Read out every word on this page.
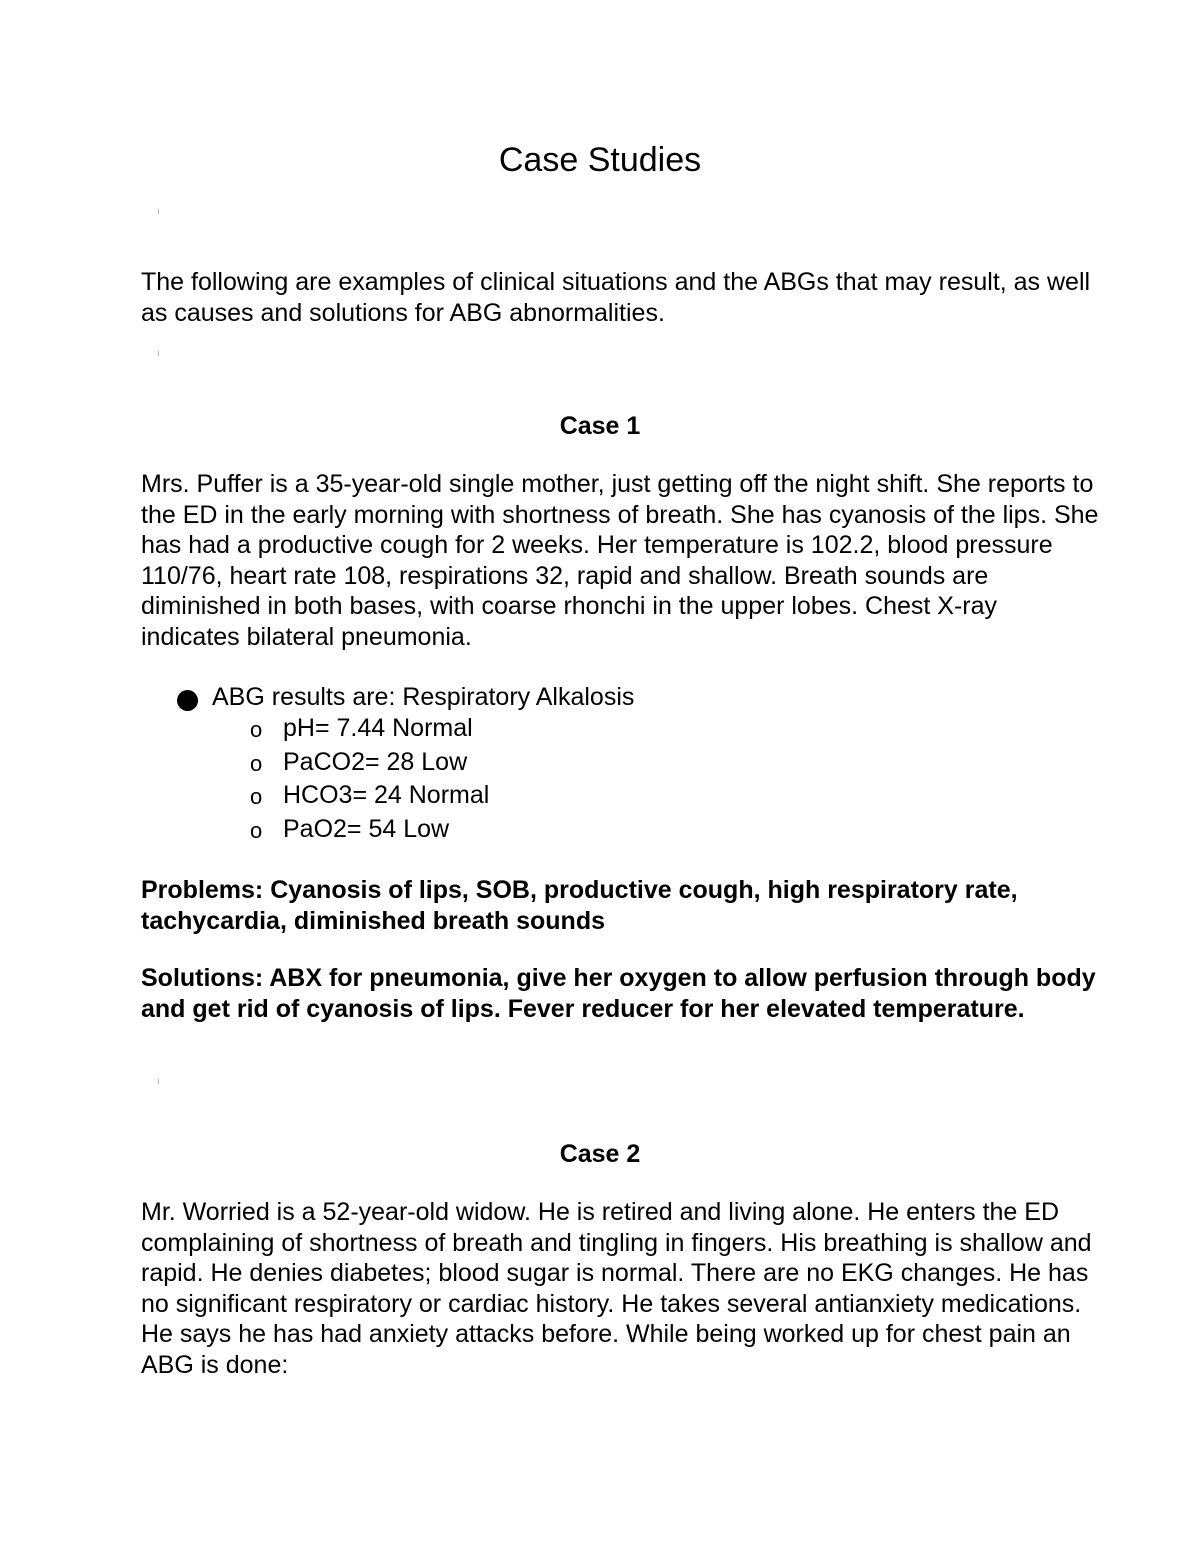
Case Studies

The following are examples of clinical situations and the ABGs that may result, as well as causes and solutions for ABG abnormalities.

Case 1

Mrs. Puffer is a 35-year-old single mother, just getting off the night shift. She reports to the ED in the early morning with shortness of breath. She has cyanosis of the lips. She has had a productive cough for 2 weeks. Her temperature is 102.2, blood pressure 110/76, heart rate 108, respirations 32, rapid and shallow. Breath sounds are diminished in both bases, with coarse rhonchi in the upper lobes. Chest X-ray indicates bilateral pneumonia.

ABG results are: Respiratory Alkalosis
o pH= 7.44 Normal
o PaCO2= 28 Low
o HCO3= 24 Normal
o PaO2= 54 Low

Problems: Cyanosis of lips, SOB, productive cough, high respiratory rate, tachycardia, diminished breath sounds

Solutions: ABX for pneumonia, give her oxygen to allow perfusion through body and get rid of cyanosis of lips. Fever reducer for her elevated temperature.

Case 2

Mr. Worried is a 52-year-old widow. He is retired and living alone. He enters the ED complaining of shortness of breath and tingling in fingers. His breathing is shallow and rapid. He denies diabetes; blood sugar is normal. There are no EKG changes. He has no significant respiratory or cardiac history. He takes several antianxiety medications. He says he has had anxiety attacks before. While being worked up for chest pain an ABG is done:
